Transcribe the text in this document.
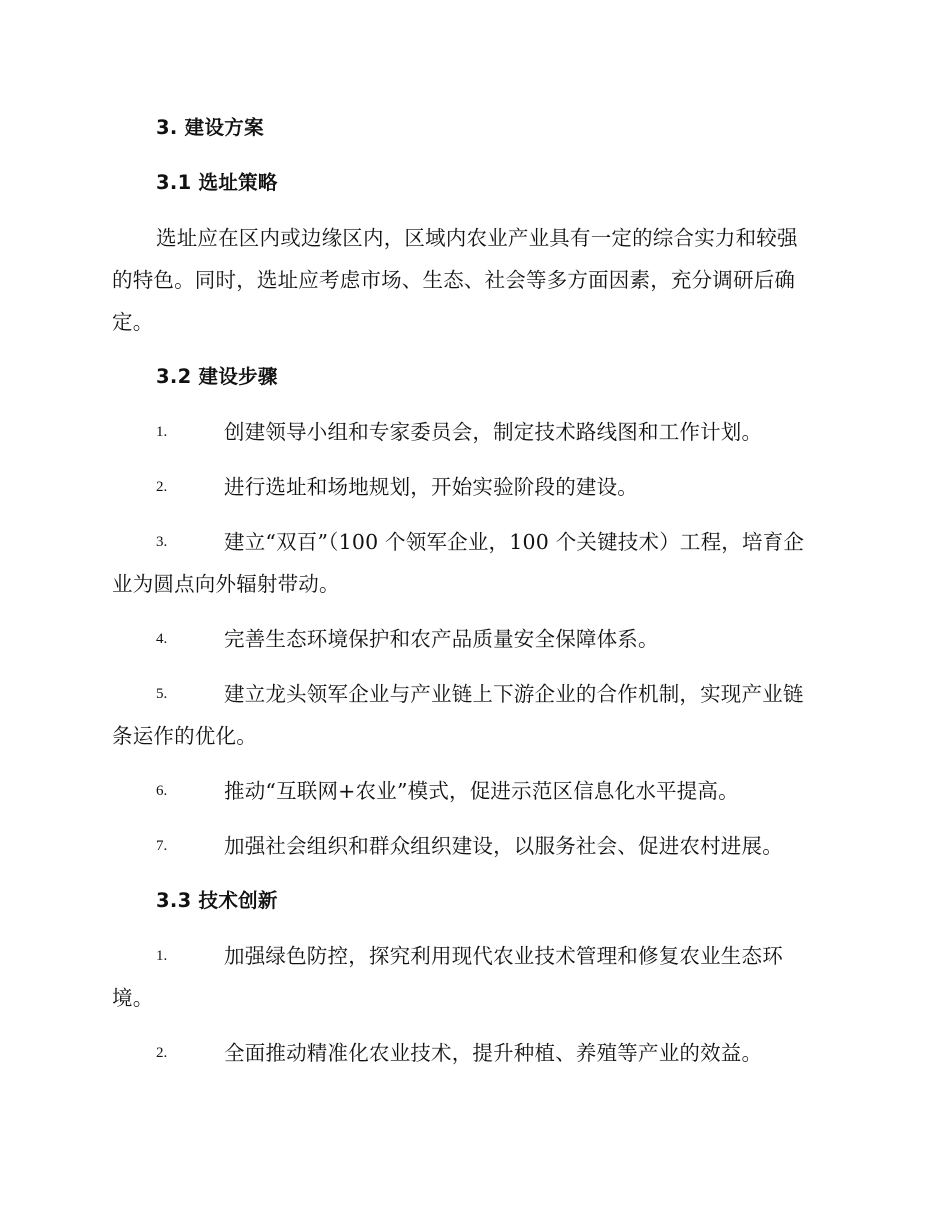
3. 建设方案
3.1 选址策略
选址应在区内或边缘区内，区域内农业产业具有一定的综合实力和较强
的特色。同时，选址应考虑市场、生态、社会等多方面因素，充分调研后确
定。
3.2 建设步骤
1.	创建领导小组和专家委员会，制定技术路线图和工作计划。
2.	进行选址和场地规划，开始实验阶段的建设。
3.	建立“双百”（100 个领军企业，100 个关键技术）工程，培育企
业为圆点向外辐射带动。
4.	完善生态环境保护和农产品质量安全保障体系。
5.	建立龙头领军企业与产业链上下游企业的合作机制，实现产业链
条运作的优化。
6.	推动“互联网+农业”模式，促进示范区信息化水平提高。
7.	加强社会组织和群众组织建设，以服务社会、促进农村进展。
3.3 技术创新
1.	加强绿色防控，探究利用现代农业技术管理和修复农业生态环
境。
2.	全面推动精准化农业技术，提升种植、养殖等产业的效益。
